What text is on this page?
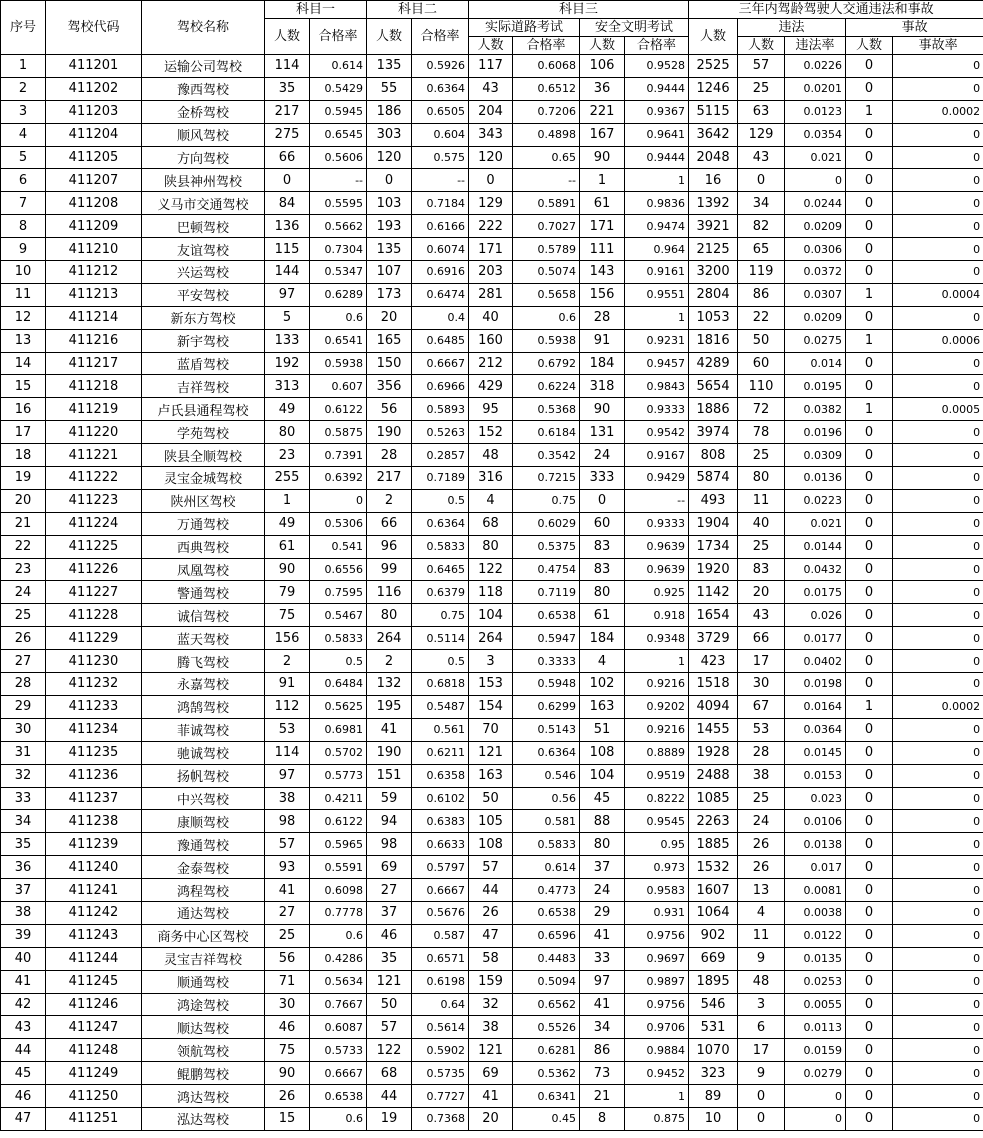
序号	驾校代码	驾校名称	科目一		科目二		科目三				三年内驾龄驾驶人交通违法和事故				
			人数	合格率	人数	合格率	实际道路考试		安全文明考试		人数	违法		事故	
							人数	合格率	人数	合格率		人数	违法率	人数	事故率
1	411201	运输公司驾校	114	0.614	135	0.5926	117	0.6068	106	0.9528	2525	57	0.0226	0	0
2	411202	豫西驾校	35	0.5429	55	0.6364	43	0.6512	36	0.9444	1246	25	0.0201	0	0
3	411203	金桥驾校	217	0.5945	186	0.6505	204	0.7206	221	0.9367	5115	63	0.0123	1	0.0002
4	411204	顺风驾校	275	0.6545	303	0.604	343	0.4898	167	0.9641	3642	129	0.0354	0	0
5	411205	方向驾校	66	0.5606	120	0.575	120	0.65	90	0.9444	2048	43	0.021	0	0
6	411207	陕县神州驾校	0	--	0	--	0	--	1	1	16	0	0	0	0
7	411208	义马市交通驾校	84	0.5595	103	0.7184	129	0.5891	61	0.9836	1392	34	0.0244	0	0
8	411209	巴顿驾校	136	0.5662	193	0.6166	222	0.7027	171	0.9474	3921	82	0.0209	0	0
9	411210	友谊驾校	115	0.7304	135	0.6074	171	0.5789	111	0.964	2125	65	0.0306	0	0
10	411212	兴运驾校	144	0.5347	107	0.6916	203	0.5074	143	0.9161	3200	119	0.0372	0	0
11	411213	平安驾校	97	0.6289	173	0.6474	281	0.5658	156	0.9551	2804	86	0.0307	1	0.0004
12	411214	新东方驾校	5	0.6	20	0.4	40	0.6	28	1	1053	22	0.0209	0	0
13	411216	新宇驾校	133	0.6541	165	0.6485	160	0.5938	91	0.9231	1816	50	0.0275	1	0.0006
14	411217	蓝盾驾校	192	0.5938	150	0.6667	212	0.6792	184	0.9457	4289	60	0.014	0	0
15	411218	吉祥驾校	313	0.607	356	0.6966	429	0.6224	318	0.9843	5654	110	0.0195	0	0
16	411219	卢氏县通程驾校	49	0.6122	56	0.5893	95	0.5368	90	0.9333	1886	72	0.0382	1	0.0005
17	411220	学苑驾校	80	0.5875	190	0.5263	152	0.6184	131	0.9542	3974	78	0.0196	0	0
18	411221	陕县全顺驾校	23	0.7391	28	0.2857	48	0.3542	24	0.9167	808	25	0.0309	0	0
19	411222	灵宝金城驾校	255	0.6392	217	0.7189	316	0.7215	333	0.9429	5874	80	0.0136	0	0
20	411223	陕州区驾校	1	0	2	0.5	4	0.75	0	--	493	11	0.0223	0	0
21	411224	万通驾校	49	0.5306	66	0.6364	68	0.6029	60	0.9333	1904	40	0.021	0	0
22	411225	西典驾校	61	0.541	96	0.5833	80	0.5375	83	0.9639	1734	25	0.0144	0	0
23	411226	凤凰驾校	90	0.6556	99	0.6465	122	0.4754	83	0.9639	1920	83	0.0432	0	0
24	411227	警通驾校	79	0.7595	116	0.6379	118	0.7119	80	0.925	1142	20	0.0175	0	0
25	411228	诚信驾校	75	0.5467	80	0.75	104	0.6538	61	0.918	1654	43	0.026	0	0
26	411229	蓝天驾校	156	0.5833	264	0.5114	264	0.5947	184	0.9348	3729	66	0.0177	0	0
27	411230	腾飞驾校	2	0.5	2	0.5	3	0.3333	4	1	423	17	0.0402	0	0
28	411232	永嘉驾校	91	0.6484	132	0.6818	153	0.5948	102	0.9216	1518	30	0.0198	0	0
29	411233	鸿鹄驾校	112	0.5625	195	0.5487	154	0.6299	163	0.9202	4094	67	0.0164	1	0.0002
30	411234	菲诚驾校	53	0.6981	41	0.561	70	0.5143	51	0.9216	1455	53	0.0364	0	0
31	411235	驰诚驾校	114	0.5702	190	0.6211	121	0.6364	108	0.8889	1928	28	0.0145	0	0
32	411236	扬帆驾校	97	0.5773	151	0.6358	163	0.546	104	0.9519	2488	38	0.0153	0	0
33	411237	中兴驾校	38	0.4211	59	0.6102	50	0.56	45	0.8222	1085	25	0.023	0	0
34	411238	康顺驾校	98	0.6122	94	0.6383	105	0.581	88	0.9545	2263	24	0.0106	0	0
35	411239	豫通驾校	57	0.5965	98	0.6633	108	0.5833	80	0.95	1885	26	0.0138	0	0
36	411240	金泰驾校	93	0.5591	69	0.5797	57	0.614	37	0.973	1532	26	0.017	0	0
37	411241	鸿程驾校	41	0.6098	27	0.6667	44	0.4773	24	0.9583	1607	13	0.0081	0	0
38	411242	通达驾校	27	0.7778	37	0.5676	26	0.6538	29	0.931	1064	4	0.0038	0	0
39	411243	商务中心区驾校	25	0.6	46	0.587	47	0.6596	41	0.9756	902	11	0.0122	0	0
40	411244	灵宝吉祥驾校	56	0.4286	35	0.6571	58	0.4483	33	0.9697	669	9	0.0135	0	0
41	411245	顺通驾校	71	0.5634	121	0.6198	159	0.5094	97	0.9897	1895	48	0.0253	0	0
42	411246	鸿途驾校	30	0.7667	50	0.64	32	0.6562	41	0.9756	546	3	0.0055	0	0
43	411247	顺达驾校	46	0.6087	57	0.5614	38	0.5526	34	0.9706	531	6	0.0113	0	0
44	411248	领航驾校	75	0.5733	122	0.5902	121	0.6281	86	0.9884	1070	17	0.0159	0	0
45	411249	鲲鹏驾校	90	0.6667	68	0.5735	69	0.5362	73	0.9452	323	9	0.0279	0	0
46	411250	鸿达驾校	26	0.6538	44	0.7727	41	0.6341	21	1	89	0	0	0	0
47	411251	泓达驾校	15	0.6	19	0.7368	20	0.45	8	0.875	10	0	0	0	0
